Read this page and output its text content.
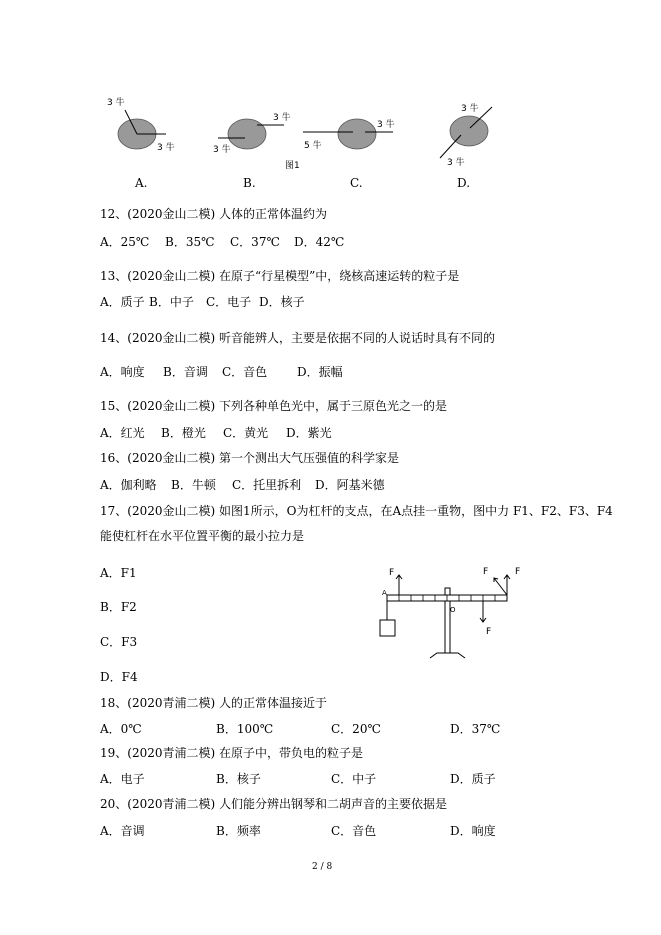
3 牛
3 牛
3 牛
3 牛	5 牛
3 牛
3 牛
3 牛
图1
A.	B.	C.	D.
12、(2020金山二模) 人体的正常体温约为
A．25℃ B．35℃ C．37℃ D．42℃
13、(2020金山二模) 在原子“行星模型”中，绕核高速运转的粒子是
A．质子 B．中子 C．电子 D．核子
14、(2020金山二模) 听音能辨人，主要是依据不同的人说话时具有不同的
A．响度 B．音调 C．音色 D．振幅
15、(2020金山二模) 下列各种单色光中，属于三原色光之一的是
A．红光 B．橙光 C．黄光 D．紫光
16、(2020金山二模) 第一个测出大气压强值的科学家是
A．伽利略 B．牛顿 C．托里拆利 D．阿基米德
17、(2020金山二模) 如图1所示，O为杠杆的支点，在A点挂一重物，图中力 F1、F2、F3、F4
能使杠杆在水平位置平衡的最小拉力是
A．F1
B．F2
C．F3
D．F4
F	F	F
F
A
O
18、(2020青浦二模) 人的正常体温接近于
A．0℃	B．100℃	C．20℃	D．37℃
19、(2020青浦二模) 在原子中，带负电的粒子是
A．电子	B．核子	C．中子	D．质子
20、(2020青浦二模) 人们能分辨出钢琴和二胡声音的主要依据是
A．音调	B．频率	C．音色	D．响度
2 / 8
